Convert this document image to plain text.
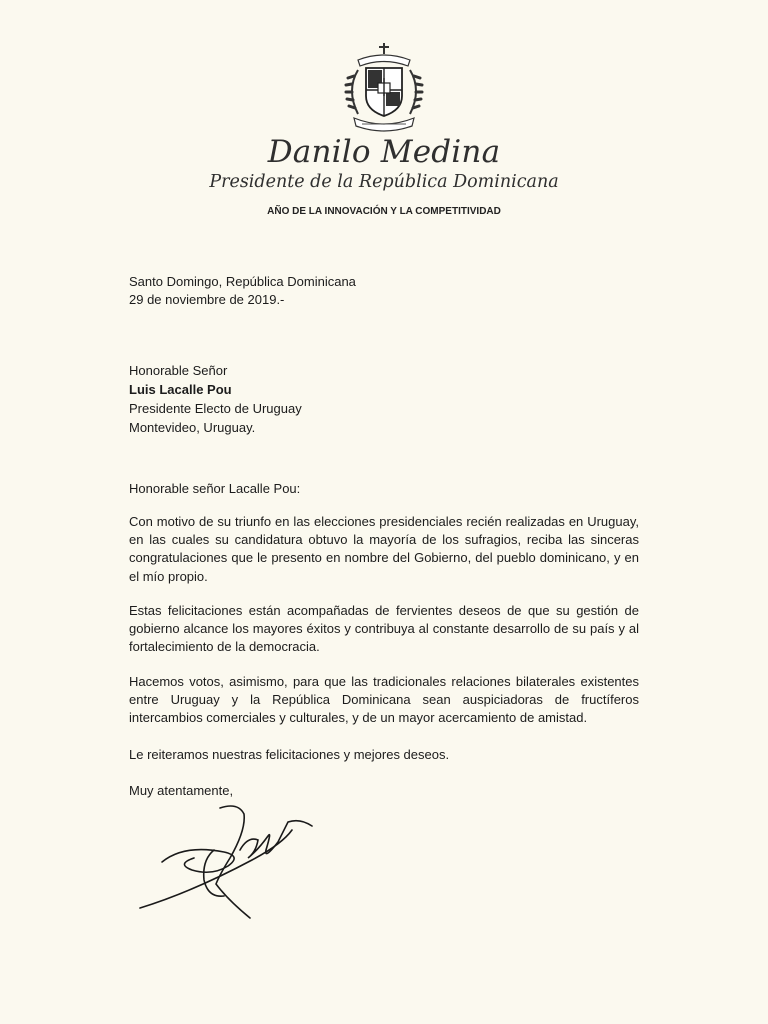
Danilo Medina
Presidente de la República Dominicana
AÑO DE LA INNOVACIÓN Y LA COMPETITIVIDAD
Santo Domingo, República Dominicana
29 de noviembre de 2019.-
Honorable Señor
Luis Lacalle Pou
Presidente Electo de Uruguay
Montevideo, Uruguay.
Honorable señor Lacalle Pou:
Con motivo de su triunfo en las elecciones presidenciales recién realizadas en Uruguay, en las cuales su candidatura obtuvo la mayoría de los sufragios, reciba las sinceras congratulaciones que le presento en nombre del Gobierno, del pueblo dominicano, y en el mío propio.
Estas felicitaciones están acompañadas de fervientes deseos de que su gestión de gobierno alcance los mayores éxitos y contribuya al constante desarrollo de su país y al fortalecimiento de la democracia.
Hacemos votos, asimismo, para que las tradicionales relaciones bilaterales existentes entre Uruguay y la República Dominicana sean auspiciadoras de fructíferos intercambios comerciales y culturales, y de un mayor acercamiento de amistad.
Le reiteramos nuestras felicitaciones y mejores deseos.
Muy atentamente,
